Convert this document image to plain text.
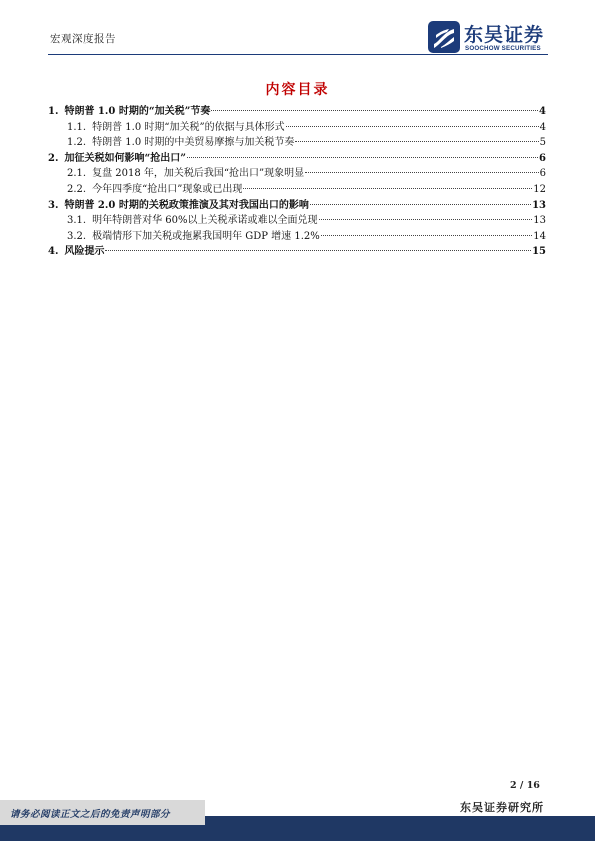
宏观深度报告	东吴证券
SOOCHOW SECURITIES
内容目录
1. 特朗普 1.0 时期的“加关税”节奏	4
1.1. 特朗普 1.0 时期“加关税”的依据与具体形式	4
1.2. 特朗普 1.0 时期的中美贸易摩擦与加关税节奏	5
2. 加征关税如何影响“抢出口”	6
2.1. 复盘 2018 年，加关税后我国“抢出口”现象明显	6
2.2. 今年四季度“抢出口”现象或已出现	12
3. 特朗普 2.0 时期的关税政策推演及其对我国出口的影响	13
3.1. 明年特朗普对华 60%以上关税承诺或难以全面兑现	13
3.2. 极端情形下加关税或拖累我国明年 GDP 增速 1.2%	14
4. 风险提示	15
2 / 16
请务必阅读正文之后的免责声明部分
东吴证券研究所
